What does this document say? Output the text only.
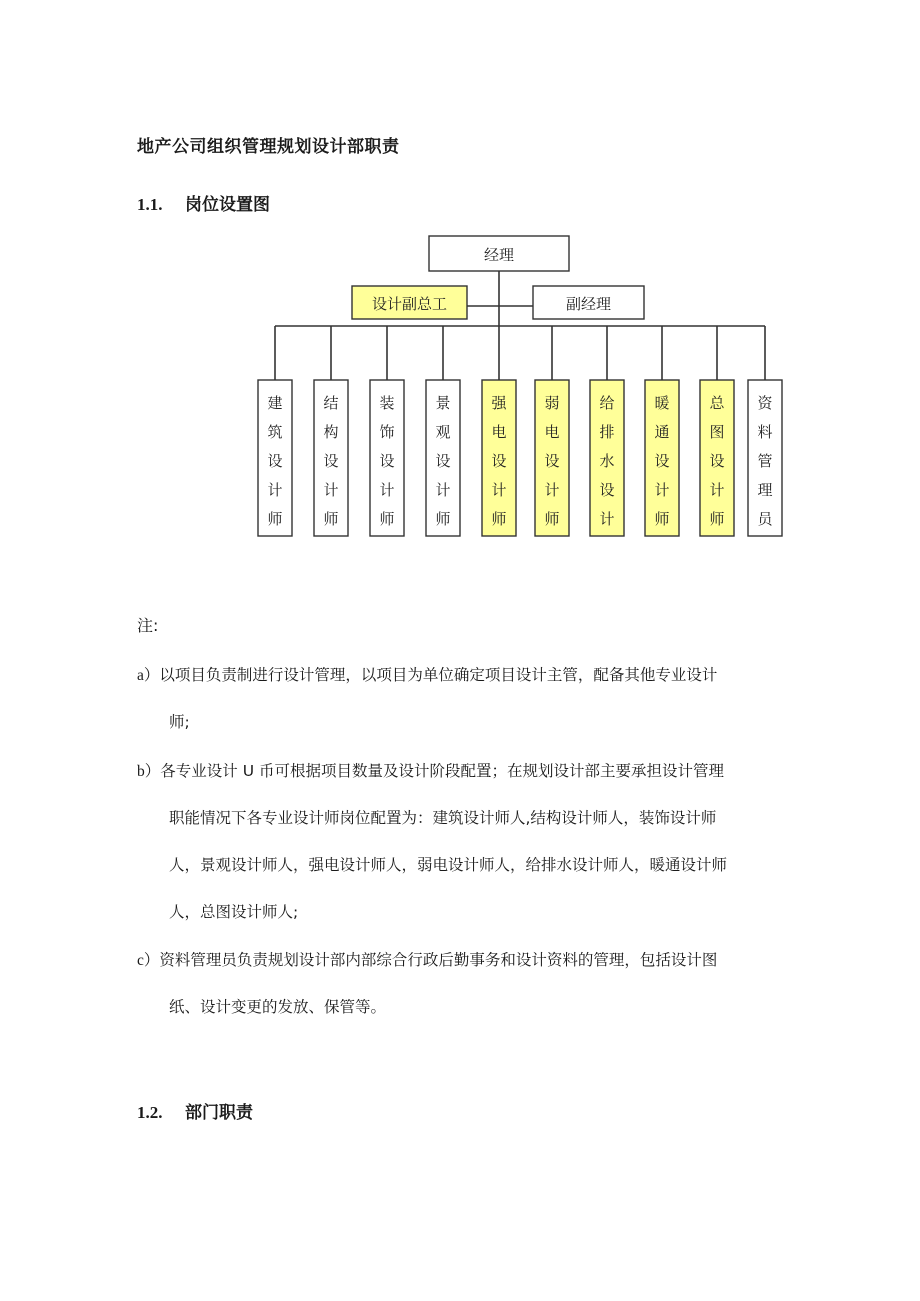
地产公司组织管理规划设计部职责
1.1. 岗位设置图
经理
设计副总工	副经理
建
筑
设
计
师
结
构
设
计
师
装
饰
设
计
师
景
观
设
计
师
强
电
设
计
师
弱
电
设
计
师
给
排
水
设
计
暖
通
设
计
师
总
图
设
计
师
资
料
管
理
员

注:

a）以项目负责制进行设计管理，以项目为单位确定项目设计主管，配备其他专业设计
师;
b）各专业设计 U 币可根据项目数量及设计阶段配置；在规划设计部主要承担设计管理
职能情况下各专业设计师岗位配置为：建筑设计师人,结构设计师人，装饰设计师
人，景观设计师人，强电设计师人，弱电设计师人，给排水设计师人，暖通设计师
人，总图设计师人;
c）资料管理员负责规划设计部内部综合行政后勤事务和设计资料的管理，包括设计图
纸、设计变更的发放、保管等。
1.2. 部门职责
